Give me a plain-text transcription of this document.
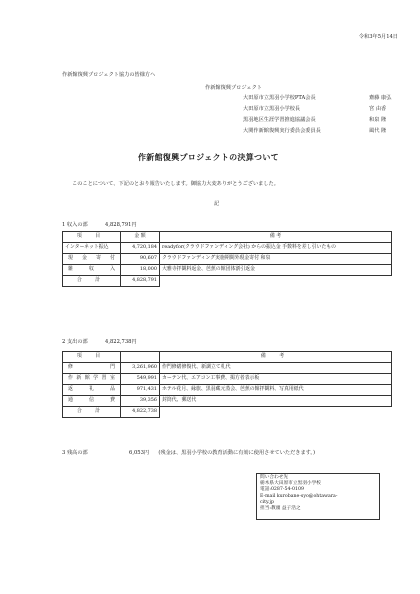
令和3年5月14日
作新館復興プロジェクト協力の皆様方へ
作新館復興プロジェクト
大田原市立黒羽小学校PTA会長	齋藤 康弘
大田原市立黒羽小学校長	宮 由香
黒羽地区生涯学習推進協議会長	和泉 隆
大関作新館復興実行委員会委員長	風代 隆
作新館復興プロジェクトの決算ついて
このことについて、下記のとおり報告いたします。御協力大変ありがとうございました。
記
1 収入の部	4,828,791円
項 目	金 額	備 考
インターネット振込	4,720,184	readyfor(クラウドファンディング会社) からの振込金 手数料を差し引いたもの
現金寄付	90,607	クラウドファンディング実施期間外現金寄付 和泉
雑収入	18,000	大雅寺拝観料返金、芭蕉の館団体割引返金
合 計	4,828,791	
2 支出の部	4,822,738円
項 目		備 考
修 門	3,261,960	作門修繕修復代、新調立て札代
作新館学習室	549,991	カーテン代、エアコン工事費、掲方者表示板
返礼品	971,431	ホテル花月、縁旅、黒羽藏元蒸会、芭蕉の館拝観料、写真用紙代
通信費	39,356	封筒代、郵送代
合 計	4,822,738	
3 残高の部	6,053円 (残金は、黒羽小学校の教育活動に有効に使用させていただきます。)
問い合わせ先
栃木県大田原市立黒羽小学校
電話:0287-54-0109
E-mail kurobane-syo@ohtawara-
city.jp
担当:教頭 益子浩之
